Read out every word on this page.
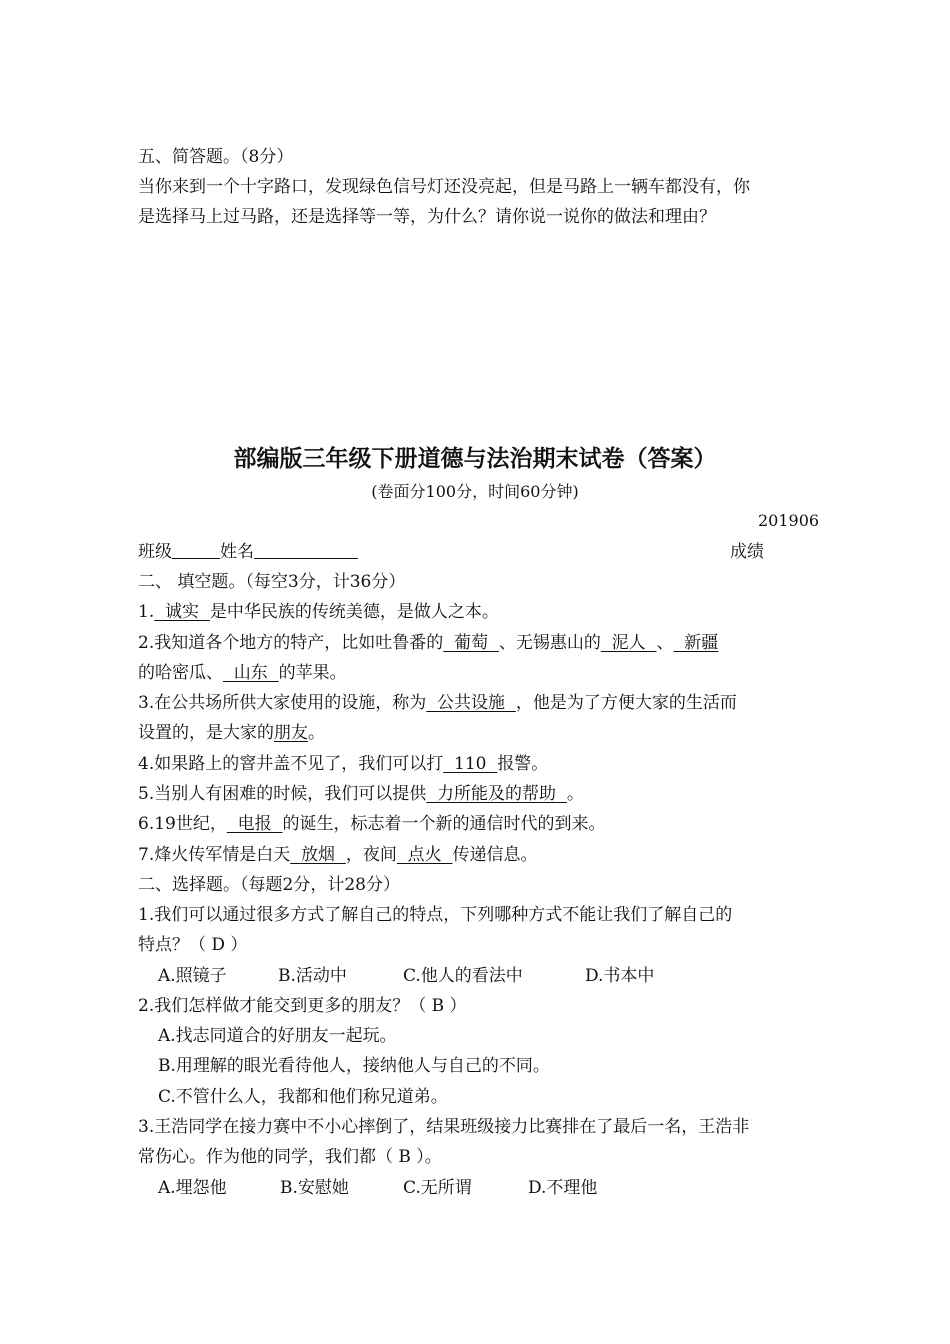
五、简答题。（8分）
当你来到一个十字路口，发现绿色信号灯还没亮起，但是马路上一辆车都没有，你
是选择马上过马路，还是选择等一等，为什么？请你说一说你的做法和理由？
部编版三年级下册道德与法治期末试卷（答案）
(卷面分100分，时间60分钟)
201906
班级	姓名	成绩
二、 填空题。（每空3分，计36分）
1.  诚实  是中华民族的传统美德，是做人之本。
2.我知道各个地方的特产，比如吐鲁番的  葡萄  、无锡惠山的  泥人  、  新疆
的哈密瓜、  山东  的苹果。
3.在公共场所供大家使用的设施，称为  公共设施  ，他是为了方便大家的生活而
设置的，是大家的朋友。
4.如果路上的窨井盖不见了，我们可以打  110  报警。
5.当别人有困难的时候，我们可以提供  力所能及的帮助  。
6.19世纪，  电报  的诞生，标志着一个新的通信时代的到来。
7.烽火传军情是白天  放烟  ，夜间  点火  传递信息。
二、选择题。（每题2分，计28分）
1.我们可以通过很多方式了解自己的特点，下列哪种方式不能让我们了解自己的
特点？（ D ）
A.照镜子	B.活动中	C.他人的看法中	D.书本中
2.我们怎样做才能交到更多的朋友？（ B ）
A.找志同道合的好朋友一起玩。
B.用理解的眼光看待他人，接纳他人与自己的不同。
C.不管什么人，我都和他们称兄道弟。
3.王浩同学在接力赛中不小心摔倒了，结果班级接力比赛排在了最后一名，王浩非
常伤心。作为他的同学，我们都（ B ）。
A.埋怨他	B.安慰她	C.无所谓	D.不理他
